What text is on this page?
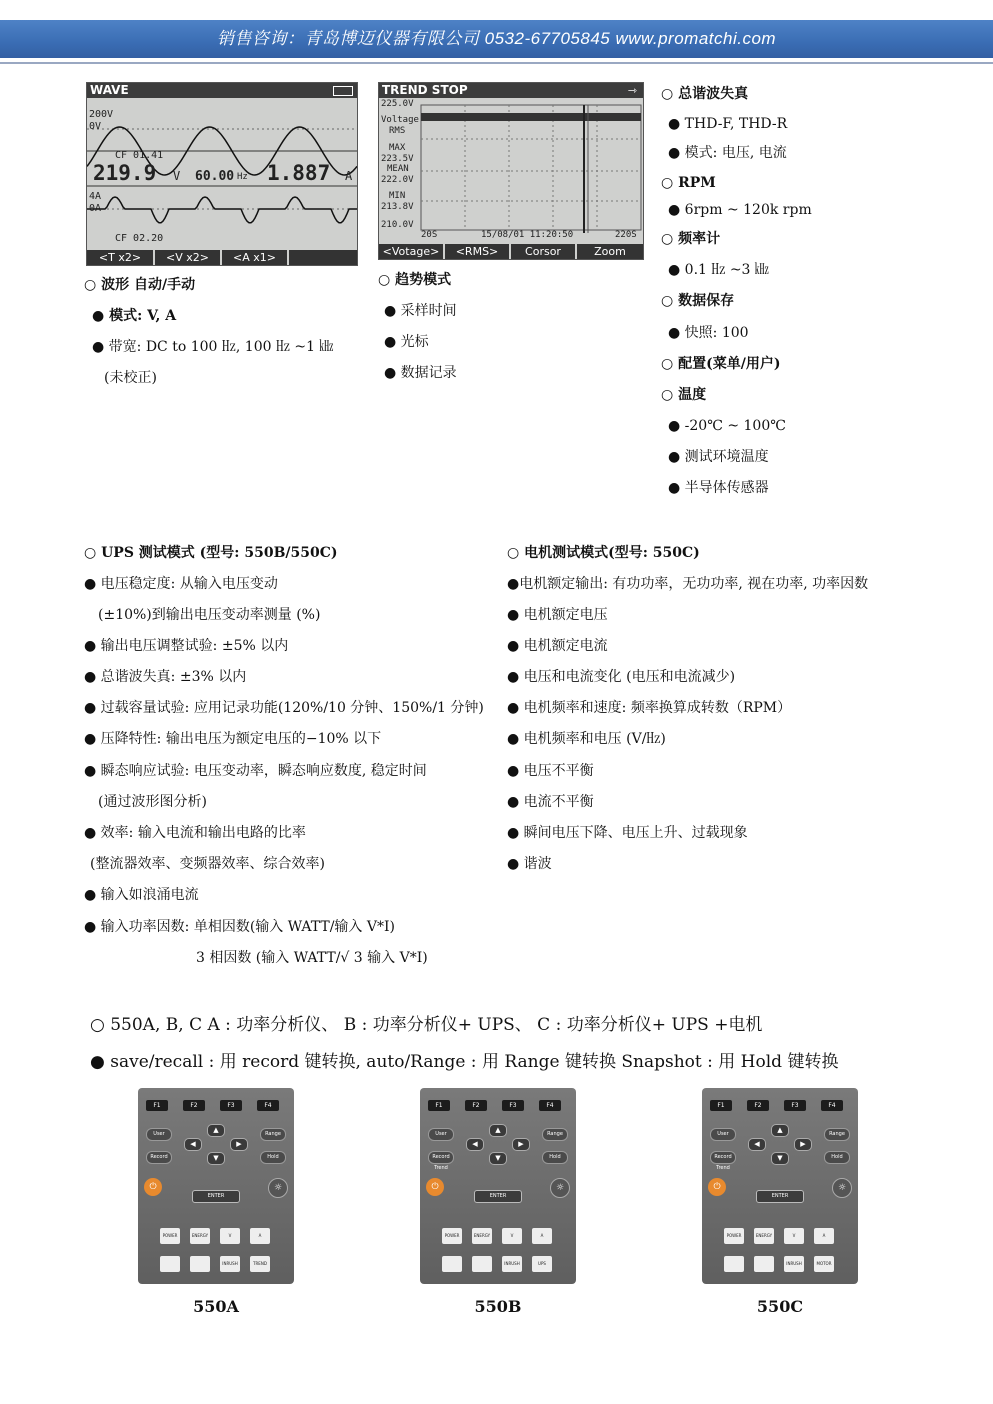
销售咨询：青岛博迈仪器有限公司 0532-67705845 www.promatchi.com
WAVE
200V
0V
CF 01.41
219.9 V 60.00 Hz 1.887 A
4A
0A
CF 02.20
<T x2>	<V x2>	<A x1>
TREND STOP	⇾
225.0V
Voltage
RMS
MAX
223.5V
MEAN
222.0V
MIN
213.8V
210.0V
20S	15/08/01 11:20:50	220S
<Votage>	<RMS>	Corsor	Zoom
○ 波形 自动/手动
● 模式: V, A
● 带宽: DC to 100 ㎐, 100 ㎐ ~1 ㎑
(未校正)
○ 趋势模式
● 采样时间
● 光标
● 数据记录
○ 总谐波失真
● THD-F, THD-R
● 模式: 电压, 电流
○ RPM
● 6rpm ~ 120k rpm
○ 频率计
● 0.1 ㎐ ~3 ㎑
○ 数据保存
● 快照: 100
○ 配置(菜单/用户)
○ 温度
● -20℃ ~ 100℃
● 测试环境温度
● 半导体传感器
○ UPS 测试模式 (型号: 550B/550C)
● 电压稳定度: 从输入电压变动
(±10%)到输出电压变动率测量 (%)
● 输出电压调整试验: ±5% 以内
● 总谐波失真: ±3% 以内
● 过载容量试验: 应用记录功能(120%/10 分钟、150%/1 分钟)
● 压降特性: 输出电压为额定电压的−10% 以下
● 瞬态响应试验: 电压变动率，瞬态响应数度, 稳定时间
(通过波形图分析)
● 效率: 输入电流和输出电路的比率
(整流器效率、变频器效率、综合效率)
● 输入如浪涌电流
● 输入功率因数: 单相因数(输入 WATT/输入 V*I)
3 相因数 (输入 WATT/√ 3 输入 V*I)
○ 电机测试模式(型号: 550C)
●电机额定输出: 有功功率，无功功率, 视在功率, 功率因数
● 电机额定电压
● 电机额定电流
● 电压和电流变化 (电压和电流减少)
● 电机频率和速度: 频率换算成转数（RPM）
● 电机频率和电压 (V/㎐)
● 电压不平衡
● 电流不平衡
● 瞬间电压下降、电压上升、过载现象
● 谐波
○ 550A, B, C A : 功率分析仪、 B : 功率分析仪+ UPS、 C : 功率分析仪+ UPS +电机
● save/recall : 用 record 键转换, auto/Range : 用 Range 键转换 Snapshot : 用 Hold 键转换
F1	F2	F3	F4
User	Range
Record	Hold
▲
◀	▶
▼
⏻
ENTER
☼
POWER	ENERGY	V	A
INRUSH	TREND
550A
F1	F2	F3	F4
User	Range
Record Trend
Hold
▲
◀	▶
▼
⏻
ENTER
☼
POWER	ENERGY	V	A
INRUSH	UPS
550B
F1	F2	F3	F4
User	Range
Record Trend
Hold
▲
◀	▶
▼
⏻
ENTER
☼
POWER	ENERGY	V	A
INRUSH	MOTOR
550C
